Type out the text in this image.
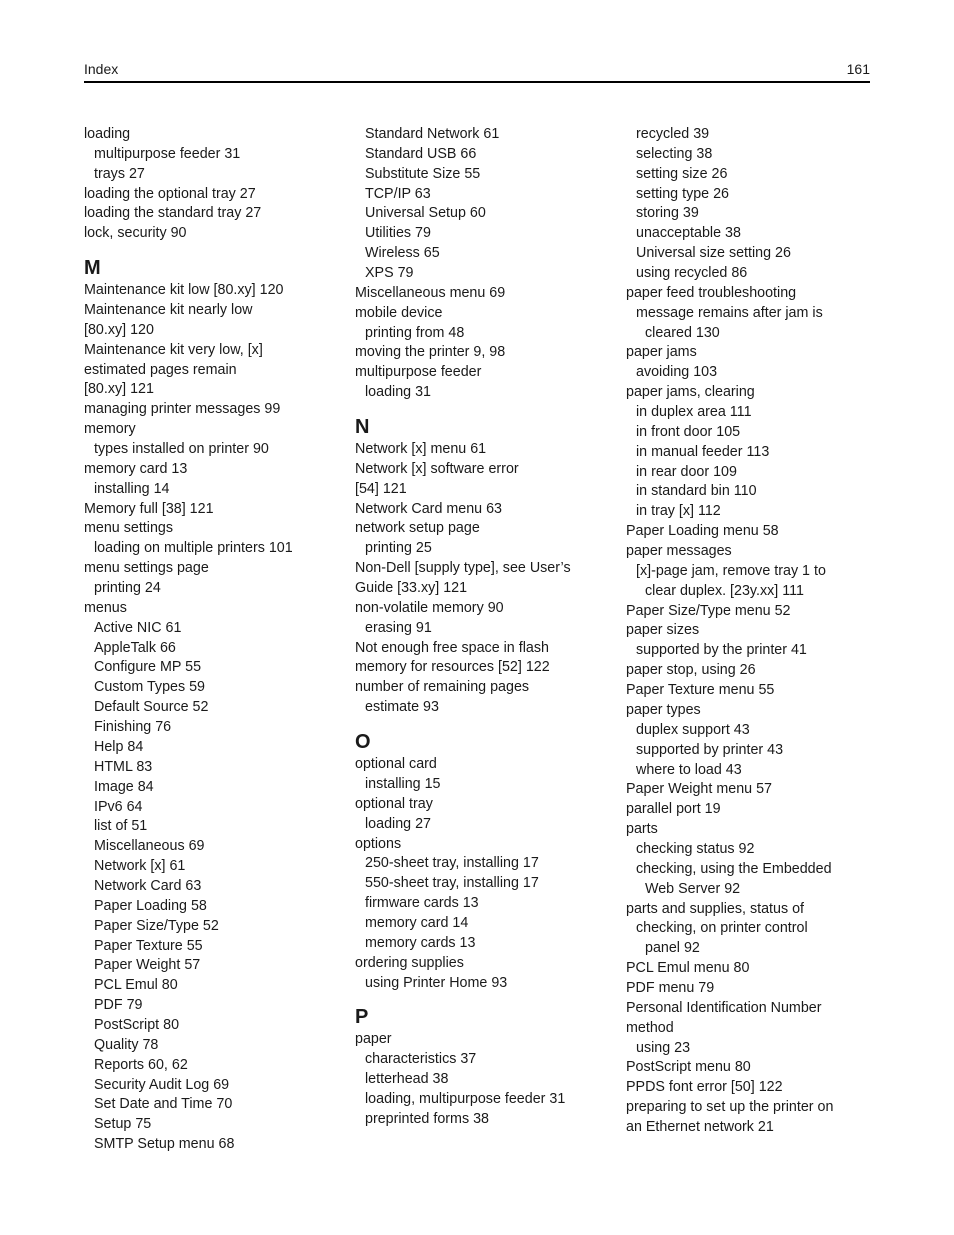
Index	161
loading
multipurpose feeder 31
trays 27
loading the optional tray 27
loading the standard tray 27
lock, security 90
M
Maintenance kit low [80.xy] 120
Maintenance kit nearly low
[80.xy] 120
Maintenance kit very low, [x]
estimated pages remain
[80.xy] 121
managing printer messages 99
memory
types installed on printer 90
memory card 13
installing 14
Memory full [38] 121
menu settings
loading on multiple printers 101
menu settings page
printing 24
menus
Active NIC 61
AppleTalk 66
Configure MP 55
Custom Types 59
Default Source 52
Finishing 76
Help 84
HTML 83
Image 84
IPv6 64
list of 51
Miscellaneous 69
Network [x] 61
Network Card 63
Paper Loading 58
Paper Size/Type 52
Paper Texture 55
Paper Weight 57
PCL Emul 80
PDF 79
PostScript 80
Quality 78
Reports 60, 62
Security Audit Log 69
Set Date and Time 70
Setup 75
SMTP Setup menu 68
Standard Network 61
Standard USB 66
Substitute Size 55
TCP/IP 63
Universal Setup 60
Utilities 79
Wireless 65
XPS 79
Miscellaneous menu 69
mobile device
printing from 48
moving the printer 9, 98
multipurpose feeder
loading 31
N
Network [x] menu 61
Network [x] software error
[54] 121
Network Card menu 63
network setup page
printing 25
Non-Dell [supply type], see User’s
Guide [33.xy] 121
non-volatile memory 90
erasing 91
Not enough free space in flash
memory for resources [52] 122
number of remaining pages
estimate 93
O
optional card
installing 15
optional tray
loading 27
options
250-sheet tray, installing 17
550-sheet tray, installing 17
firmware cards 13
memory card 14
memory cards 13
ordering supplies
using Printer Home 93
P
paper
characteristics 37
letterhead 38
loading, multipurpose feeder 31
preprinted forms 38
recycled 39
selecting 38
setting size 26
setting type 26
storing 39
unacceptable 38
Universal size setting 26
using recycled 86
paper feed troubleshooting
message remains after jam is
cleared 130
paper jams
avoiding 103
paper jams, clearing
in duplex area 111
in front door 105
in manual feeder 113
in rear door 109
in standard bin 110
in tray [x] 112
Paper Loading menu 58
paper messages
[x]-page jam, remove tray 1 to
clear duplex. [23y.xx] 111
Paper Size/Type menu 52
paper sizes
supported by the printer 41
paper stop, using 26
Paper Texture menu 55
paper types
duplex support 43
supported by printer 43
where to load 43
Paper Weight menu 57
parallel port 19
parts
checking status 92
checking, using the Embedded
Web Server 92
parts and supplies, status of
checking, on printer control
panel 92
PCL Emul menu 80
PDF menu 79
Personal Identification Number
method
using 23
PostScript menu 80
PPDS font error [50] 122
preparing to set up the printer on
an Ethernet network 21
